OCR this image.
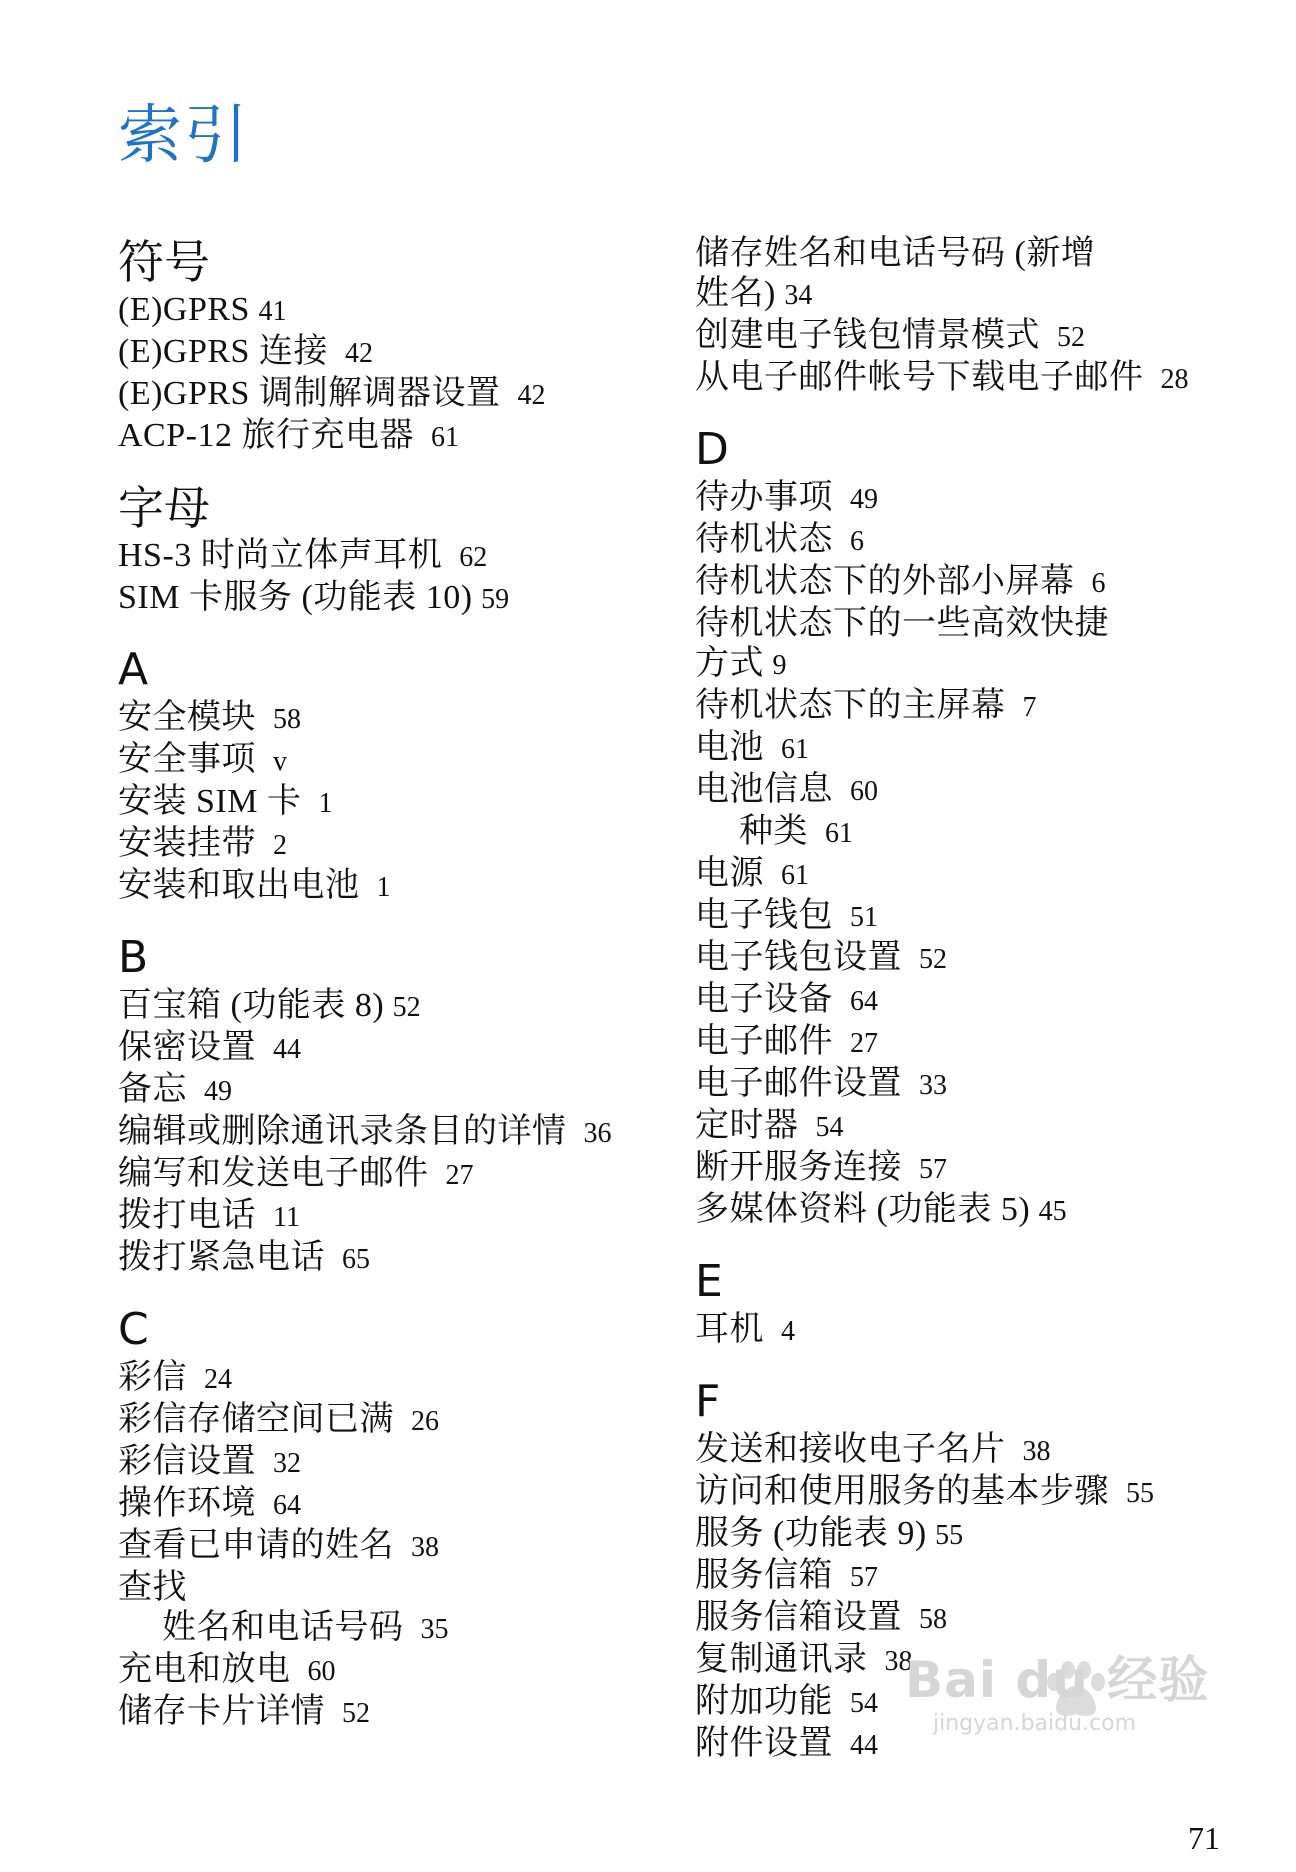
索引
符号
(E)GPRS 41
(E)GPRS 连接  42
(E)GPRS 调制解调器设置  42
ACP-12 旅行充电器  61
字母
HS-3 时尚立体声耳机  62
SIM 卡服务 (功能表 10) 59
A
安全模块  58
安全事项  v
安装 SIM 卡  1
安装挂带  2
安装和取出电池  1
B
百宝箱 (功能表 8) 52
保密设置  44
备忘  49
编辑或删除通讯录条目的详情  36
编写和发送电子邮件  27
拨打电话  11
拨打紧急电话  65
C
彩信  24
彩信存储空间已满  26
彩信设置  32
操作环境  64
查看已申请的姓名  38
查找
姓名和电话号码  35
充电和放电  60
储存卡片详情  52
储存姓名和电话号码 (新增
姓名) 34
创建电子钱包情景模式  52
从电子邮件帐号下载电子邮件  28
D
待办事项  49
待机状态  6
待机状态下的外部小屏幕  6
待机状态下的一些高效快捷
方式 9
待机状态下的主屏幕  7
电池  61
电池信息  60
种类  61
电源  61
电子钱包  51
电子钱包设置  52
电子设备  64
电子邮件  27
电子邮件设置  33
定时器  54
断开服务连接  57
多媒体资料 (功能表 5) 45
E
耳机  4
F
发送和接收电子名片  38
访问和使用服务的基本步骤  55
服务 (功能表 9) 55
服务信箱  57
服务信箱设置  58
复制通讯录  38
附加功能  54
附件设置  44
Bai du 经验
jingyan.baidu.com
71
